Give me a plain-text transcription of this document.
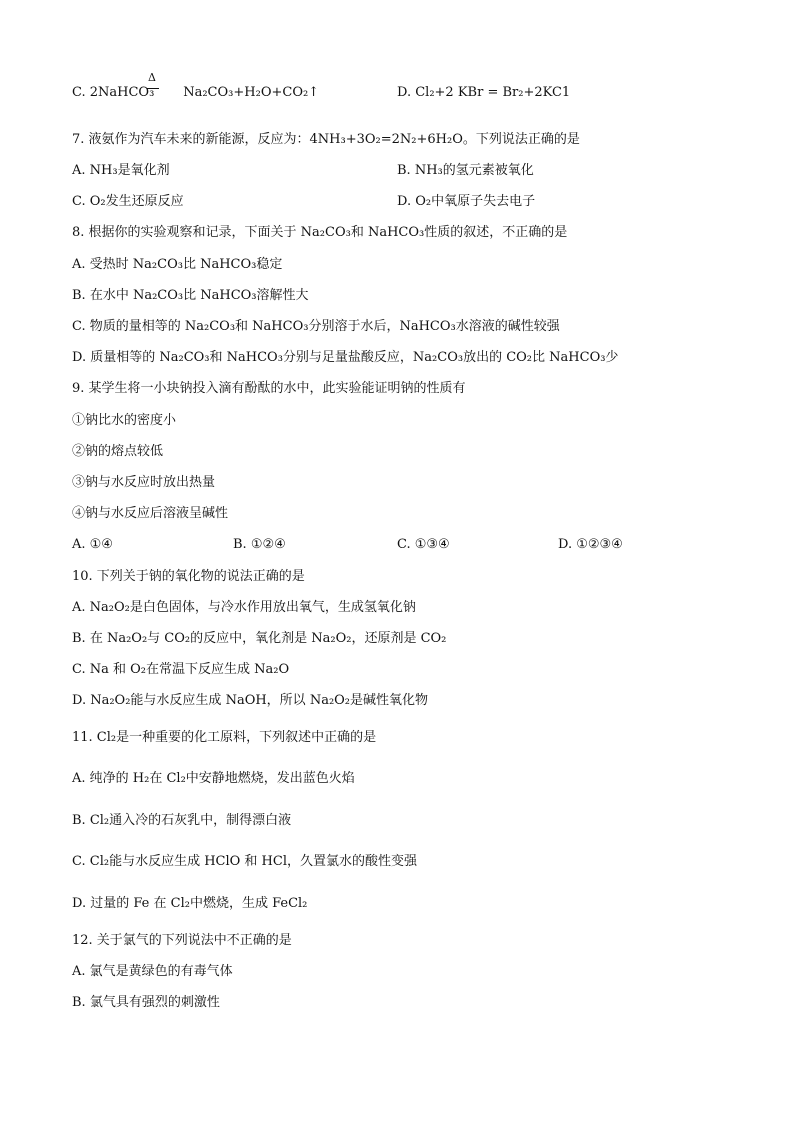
Δ
C. 2NaHCO₃       Na₂CO₃+H₂O+CO₂↑	D. Cl₂+2 KBr = Br₂+2KC1
7. 液氨作为汽车未来的新能源，反应为：4NH₃+3O₂=2N₂+6H₂O。下列说法正确的是
A. NH₃是氧化剂	B. NH₃的氢元素被氧化
C. O₂发生还原反应	D. O₂中氧原子失去电子
8. 根据你的实验观察和记录，下面关于 Na₂CO₃和 NaHCO₃性质的叙述，不正确的是
A. 受热时 Na₂CO₃比 NaHCO₃稳定
B. 在水中 Na₂CO₃比 NaHCO₃溶解性大
C. 物质的量相等的 Na₂CO₃和 NaHCO₃分别溶于水后，NaHCO₃水溶液的碱性较强
D. 质量相等的 Na₂CO₃和 NaHCO₃分别与足量盐酸反应，Na₂CO₃放出的 CO₂比 NaHCO₃少
9. 某学生将一小块钠投入滴有酚酞的水中，此实验能证明钠的性质有
①钠比水的密度小
②钠的熔点较低
③钠与水反应时放出热量
④钠与水反应后溶液呈碱性
A. ①④	B. ①②④	C. ①③④	D. ①②③④
10. 下列关于钠的氧化物的说法正确的是
A. Na₂O₂是白色固体，与冷水作用放出氧气，生成氢氧化钠
B. 在 Na₂O₂与 CO₂的反应中，氧化剂是 Na₂O₂，还原剂是 CO₂
C. Na 和 O₂在常温下反应生成 Na₂O
D. Na₂O₂能与水反应生成 NaOH，所以 Na₂O₂是碱性氧化物
11. Cl₂是一种重要的化工原料，下列叙述中正确的是
A. 纯净的 H₂在 Cl₂中安静地燃烧，发出蓝色火焰
B. Cl₂通入冷的石灰乳中，制得漂白液
C. Cl₂能与水反应生成 HClO 和 HCl，久置氯水的酸性变强
D. 过量的 Fe 在 Cl₂中燃烧，生成 FeCl₂
12. 关于氯气的下列说法中不正确的是
A. 氯气是黄绿色的有毒气体
B. 氯气具有强烈的刺激性
